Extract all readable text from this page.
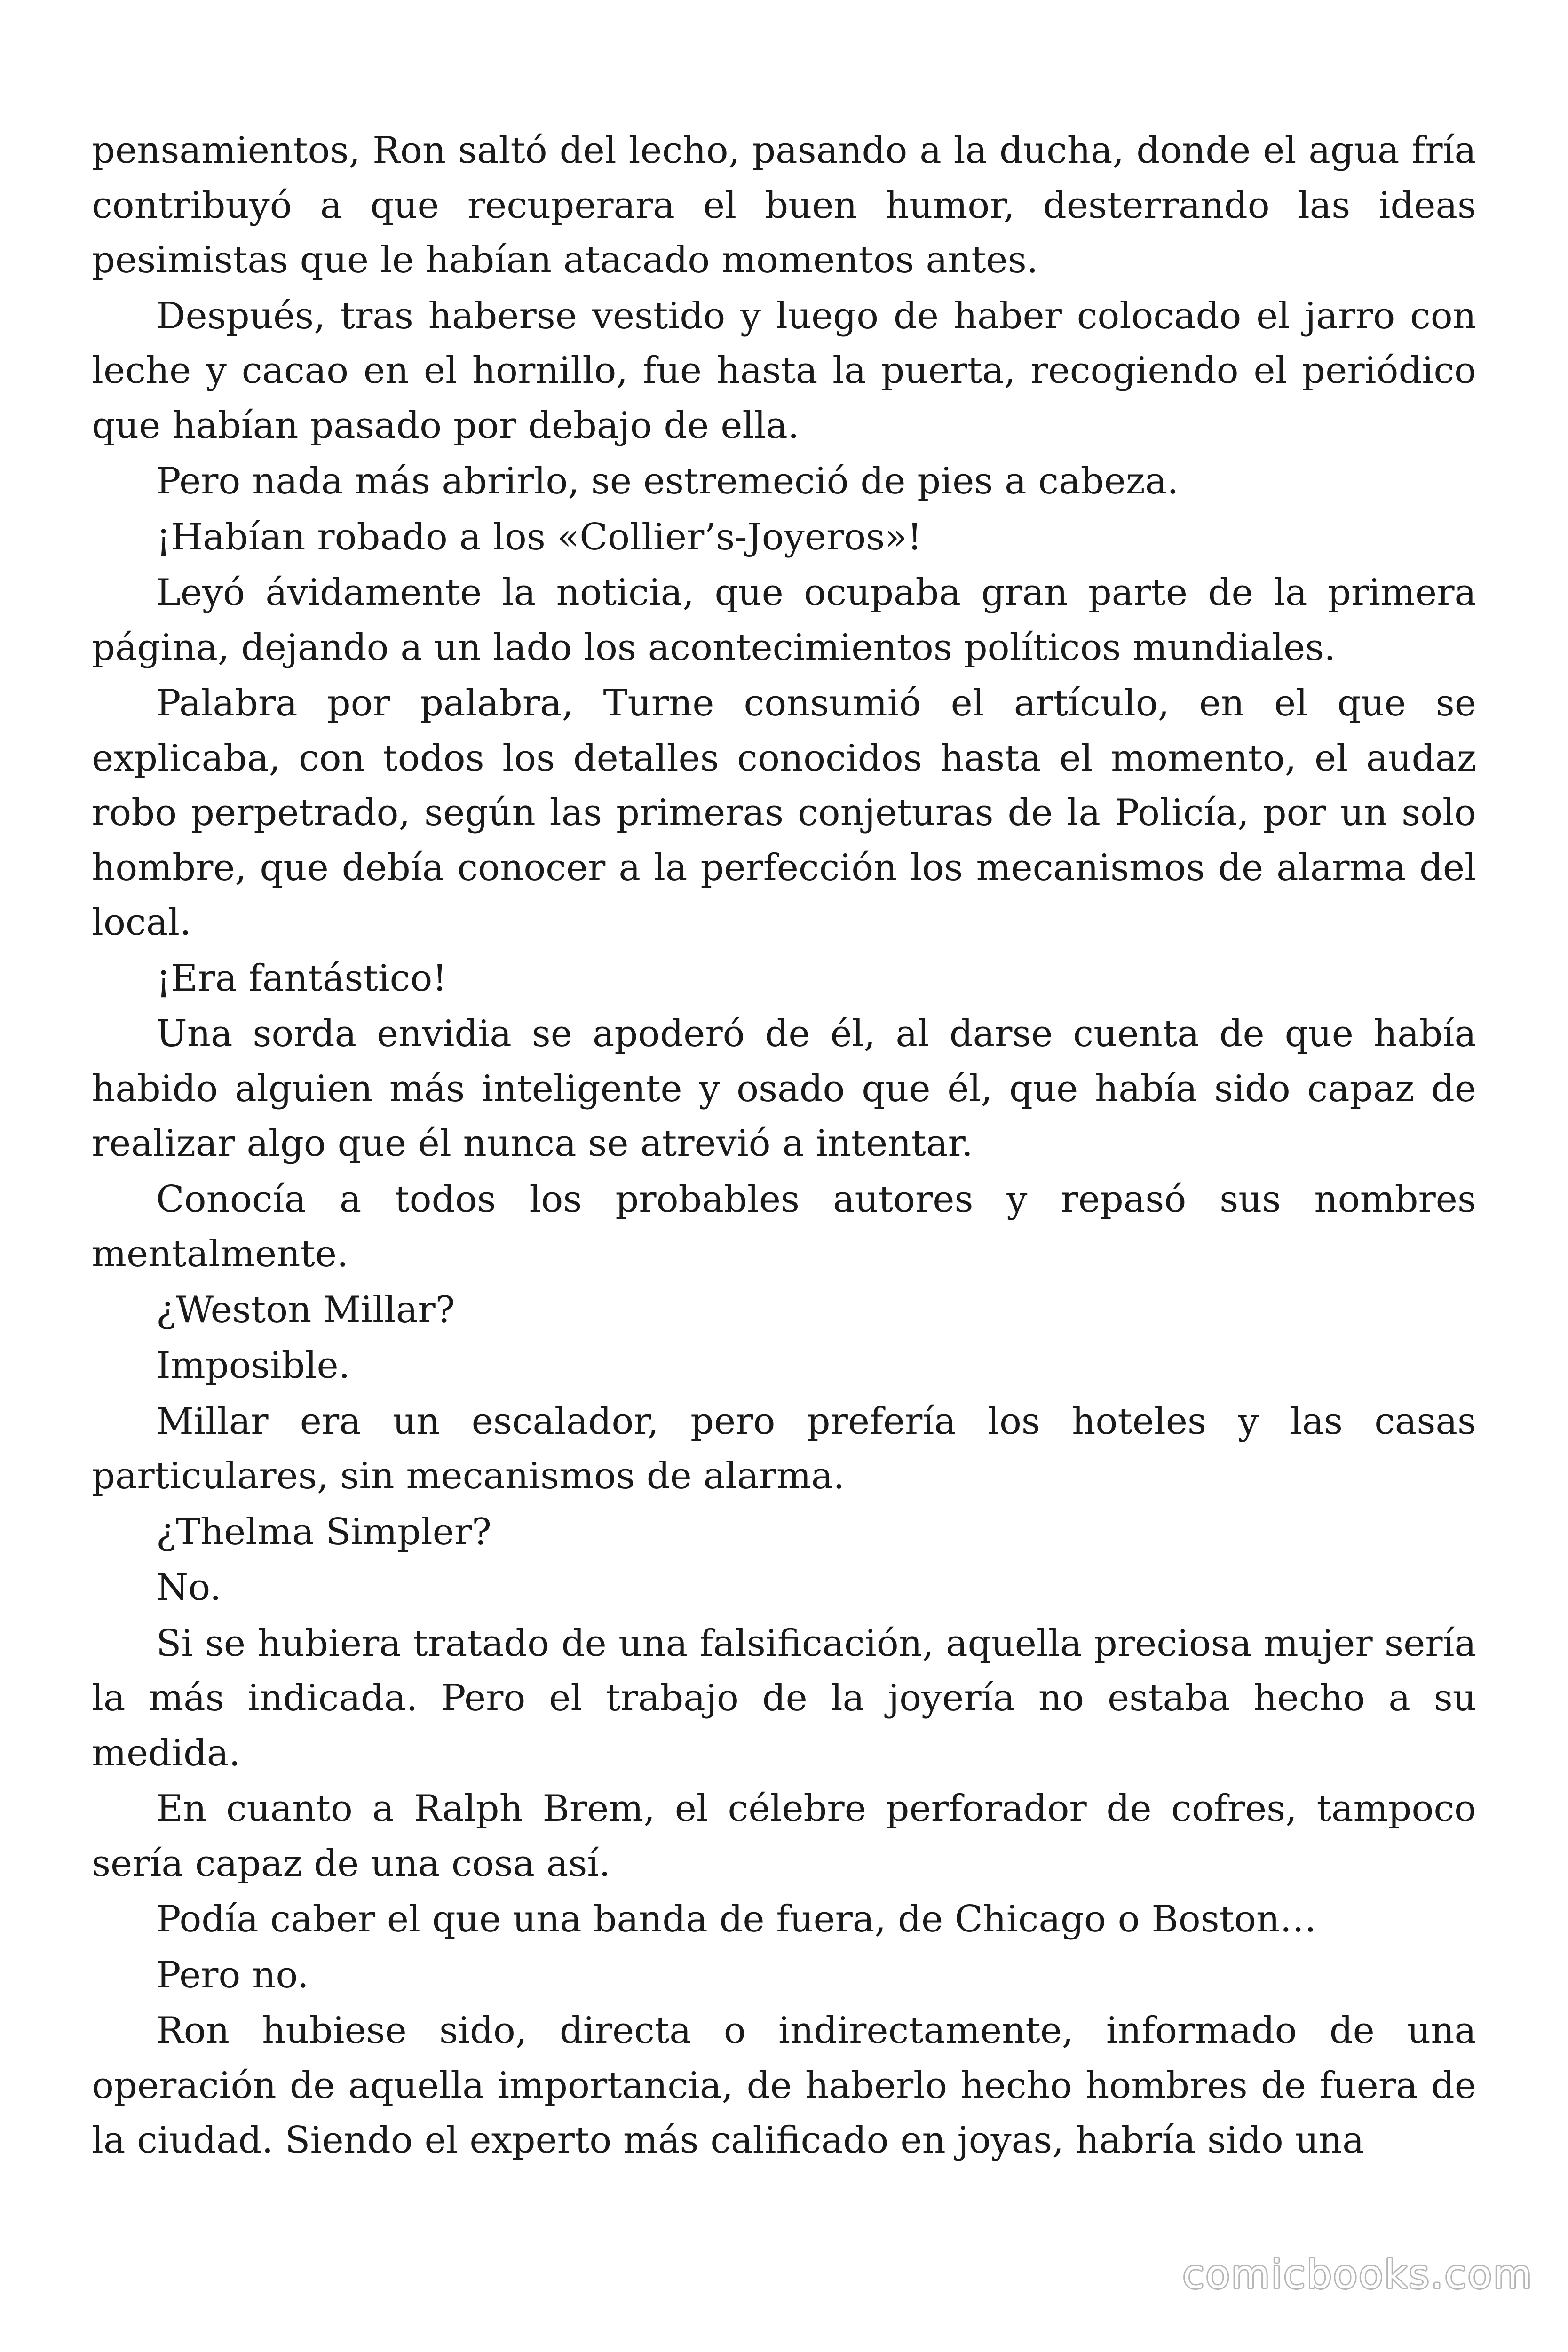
pensamientos, Ron saltó del lecho, pasando a la ducha, donde el agua fría contribuyó a que recuperara el buen humor, desterrando las ideas pesimistas que le habían atacado momentos antes.

Después, tras haberse vestido y luego de haber colocado el jarro con leche y cacao en el hornillo, fue hasta la puerta, recogiendo el periódico que habían pasado por debajo de ella.

Pero nada más abrirlo, se estremeció de pies a cabeza.

¡Habían robado a los «Collier’s-Joyeros»!

Leyó ávidamente la noticia, que ocupaba gran parte de la primera página, dejando a un lado los acontecimientos políticos mundiales.

Palabra por palabra, Turne consumió el artículo, en el que se explicaba, con todos los detalles conocidos hasta el momento, el audaz robo perpetrado, según las primeras conjeturas de la Policía, por un solo hombre, que debía conocer a la perfección los mecanismos de alarma del local.

¡Era fantástico!

Una sorda envidia se apoderó de él, al darse cuenta de que había habido alguien más inteligente y osado que él, que había sido capaz de realizar algo que él nunca se atrevió a intentar.

Conocía a todos los probables autores y repasó sus nombres mentalmente.

¿Weston Millar?

Imposible.

Millar era un escalador, pero prefería los hoteles y las casas particulares, sin mecanismos de alarma.

¿Thelma Simpler?

No.

Si se hubiera tratado de una falsificación, aquella preciosa mujer sería la más indicada. Pero el trabajo de la joyería no estaba hecho a su medida.

En cuanto a Ralph Brem, el célebre perforador de cofres, tampoco sería capaz de una cosa así.

Podía caber el que una banda de fuera, de Chicago o Boston…

Pero no.

Ron hubiese sido, directa o indirectamente, informado de una operación de aquella importancia, de haberlo hecho hombres de fuera de la ciudad. Siendo el experto más calificado en joyas, habría sido una

comicbooks.com
